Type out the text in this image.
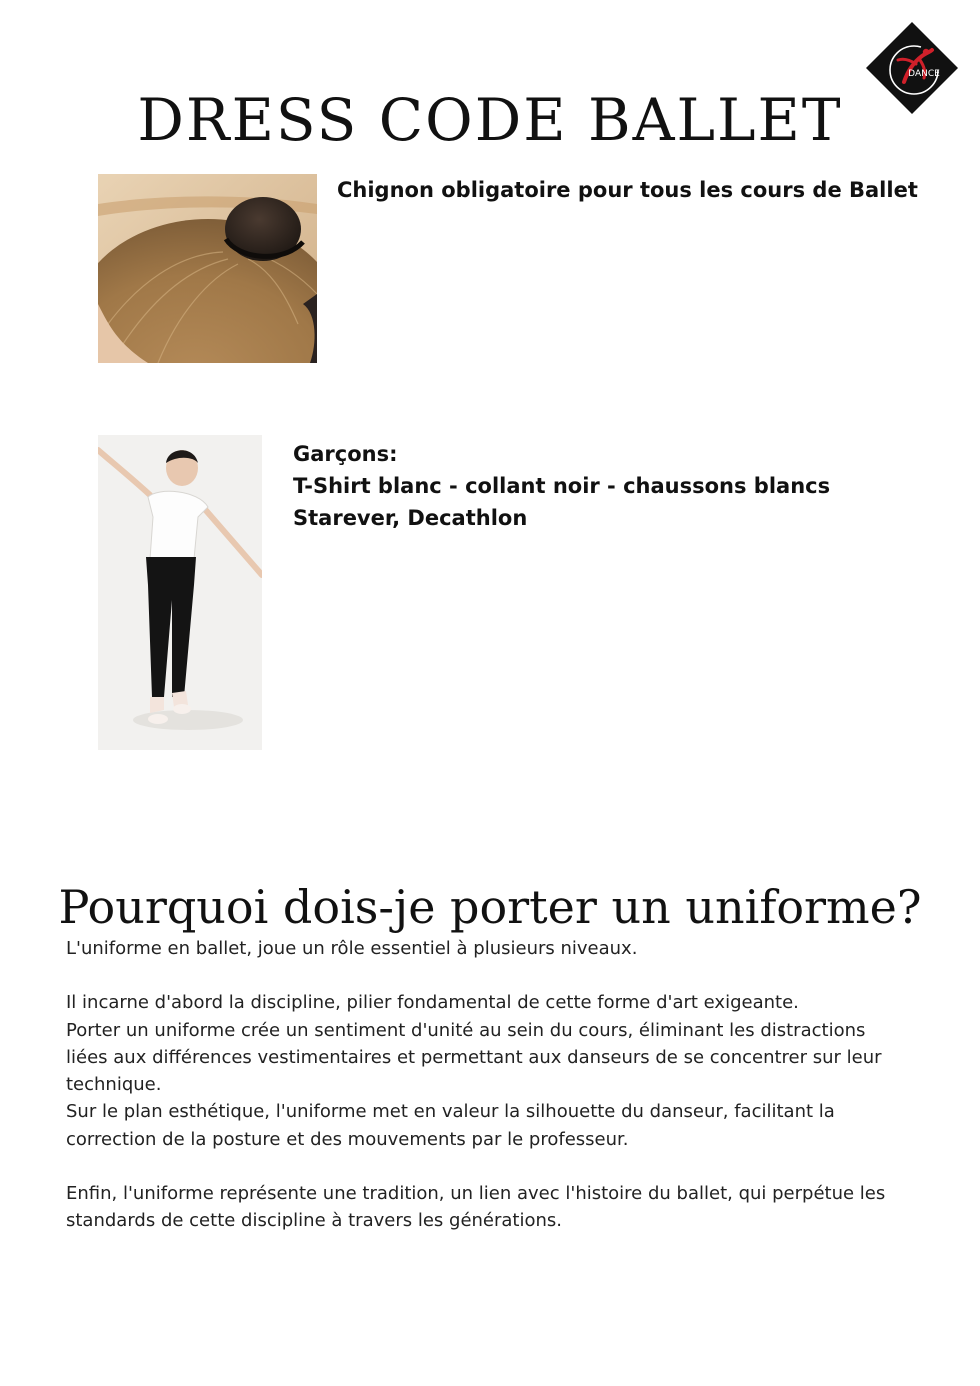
DRESS CODE BALLET
DANCE
Chignon obligatoire pour tous les cours de Ballet
Garçons:
T-Shirt blanc - collant noir - chaussons blancs
Starever, Decathlon
Pourquoi dois-je porter un uniforme?

L'uniforme en ballet, joue un rôle essentiel à plusieurs niveaux.

Il incarne d'abord la discipline, pilier fondamental de cette forme d'art exigeante.

Porter un uniforme crée un sentiment d'unité au sein du cours, éliminant les distractions liées aux différences vestimentaires et permettant aux danseurs de se concentrer sur leur technique.

Sur le plan esthétique, l'uniforme met en valeur la silhouette du danseur, facilitant la correction de la posture et des mouvements par le professeur.

Enfin, l'uniforme représente une tradition, un lien avec l'histoire du ballet, qui perpétue les standards de cette discipline à travers les générations.
